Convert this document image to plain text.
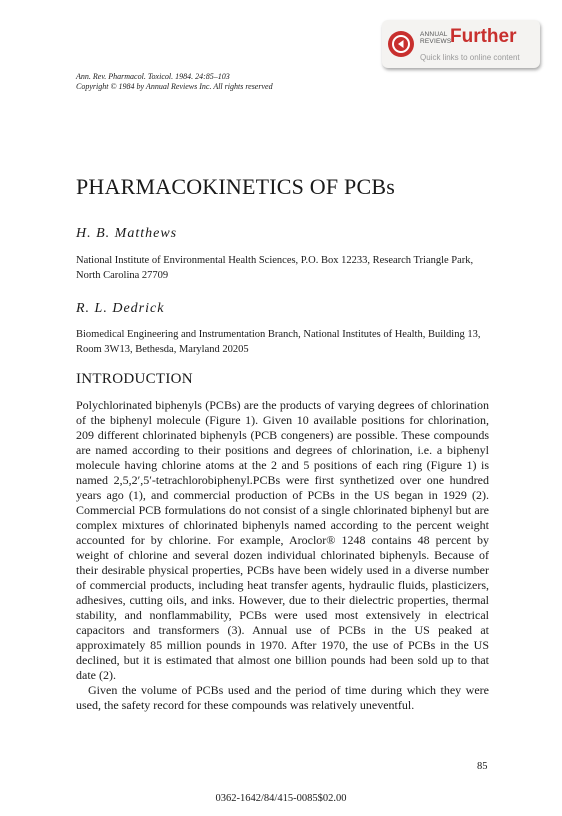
ANNUAL
REVIEWS
Further
Quick links to online content
Ann. Rev. Pharmacol. Toxicol. 1984. 24:85–103
Copyright © 1984 by Annual Reviews Inc. All rights reserved
PHARMACOKINETICS OF PCBs
H. B. Matthews
National Institute of Environmental Health Sciences, P.O. Box 12233, Research Triangle Park, North Carolina 27709
R. L. Dedrick
Biomedical Engineering and Instrumentation Branch, National Institutes of Health, Building 13, Room 3W13, Bethesda, Maryland 20205
INTRODUCTION

Polychlorinated biphenyls (PCBs) are the products of varying degrees of chlorination of the biphenyl molecule (Figure 1). Given 10 available positions for chlorination, 209 different chlorinated biphenyls (PCB congeners) are possible. These compounds are named according to their positions and degrees of chlorination, i.e. a biphenyl molecule having chlorine atoms at the 2 and 5 positions of each ring (Figure 1) is named 2,5,2′,5′-tetrachlorobiphenyl.PCBs were first synthetized over one hundred years ago (1), and commercial production of PCBs in the US began in 1929 (2). Commercial PCB formulations do not consist of a single chlorinated biphenyl but are complex mixtures of chlorinated biphenyls named according to the percent weight accounted for by chlorine. For example, Aroclor® 1248 contains 48 percent by weight of chlorine and several dozen individual chlorinated biphenyls. Because of their desirable physical properties, PCBs have been widely used in a diverse number of commercial products, including heat transfer agents, hydraulic fluids, plasticizers, adhesives, cutting oils, and inks. However, due to their dielectric properties, thermal stability, and nonflammability, PCBs were used most extensively in electrical capacitors and transformers (3). Annual use of PCBs in the US peaked at approximately 85 million pounds in 1970. After 1970, the use of PCBs in the US declined, but it is estimated that almost one billion pounds had been sold up to that date (2).

Given the volume of PCBs used and the period of time during which they were used, the safety record for these compounds was relatively uneventful.

85
0362-1642/84/415-0085$02.00
